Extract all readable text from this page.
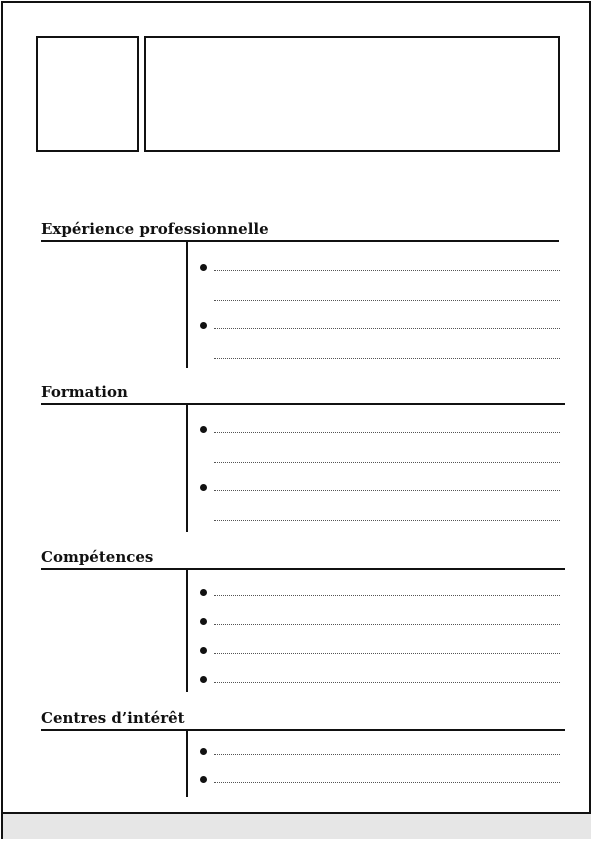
Expérience professionnelle
Formation
Compétences
Centres d’intérêt
